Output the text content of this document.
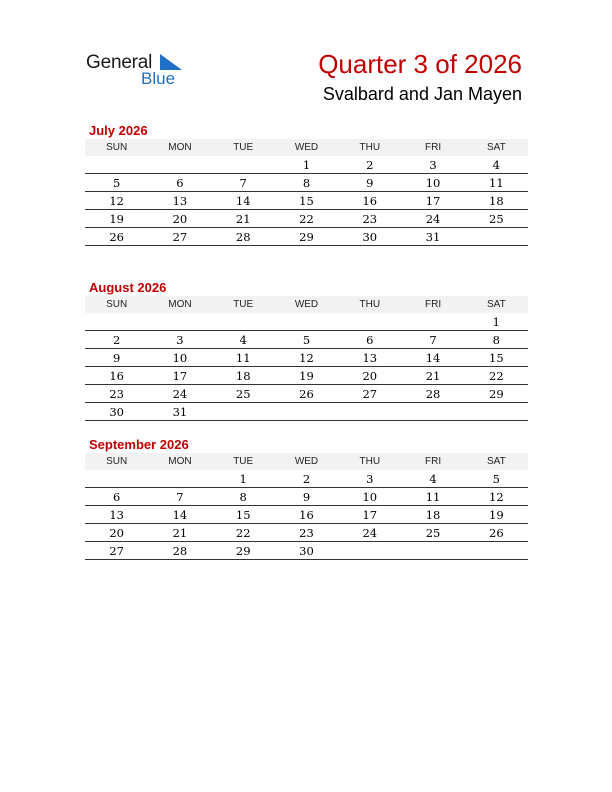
General
Blue	Quarter 3 of 2026
Svalbard and Jan Mayen
July 2026
SUN	MON	TUE	WED	THU	FRI	SAT
			1	2	3	4
5	6	7	8	9	10	11
12	13	14	15	16	17	18
19	20	21	22	23	24	25
26	27	28	29	30	31	
August 2026
SUN	MON	TUE	WED	THU	FRI	SAT
						1
2	3	4	5	6	7	8
9	10	11	12	13	14	15
16	17	18	19	20	21	22
23	24	25	26	27	28	29
30	31					
September 2026
SUN	MON	TUE	WED	THU	FRI	SAT
		1	2	3	4	5
6	7	8	9	10	11	12
13	14	15	16	17	18	19
20	21	22	23	24	25	26
27	28	29	30			
